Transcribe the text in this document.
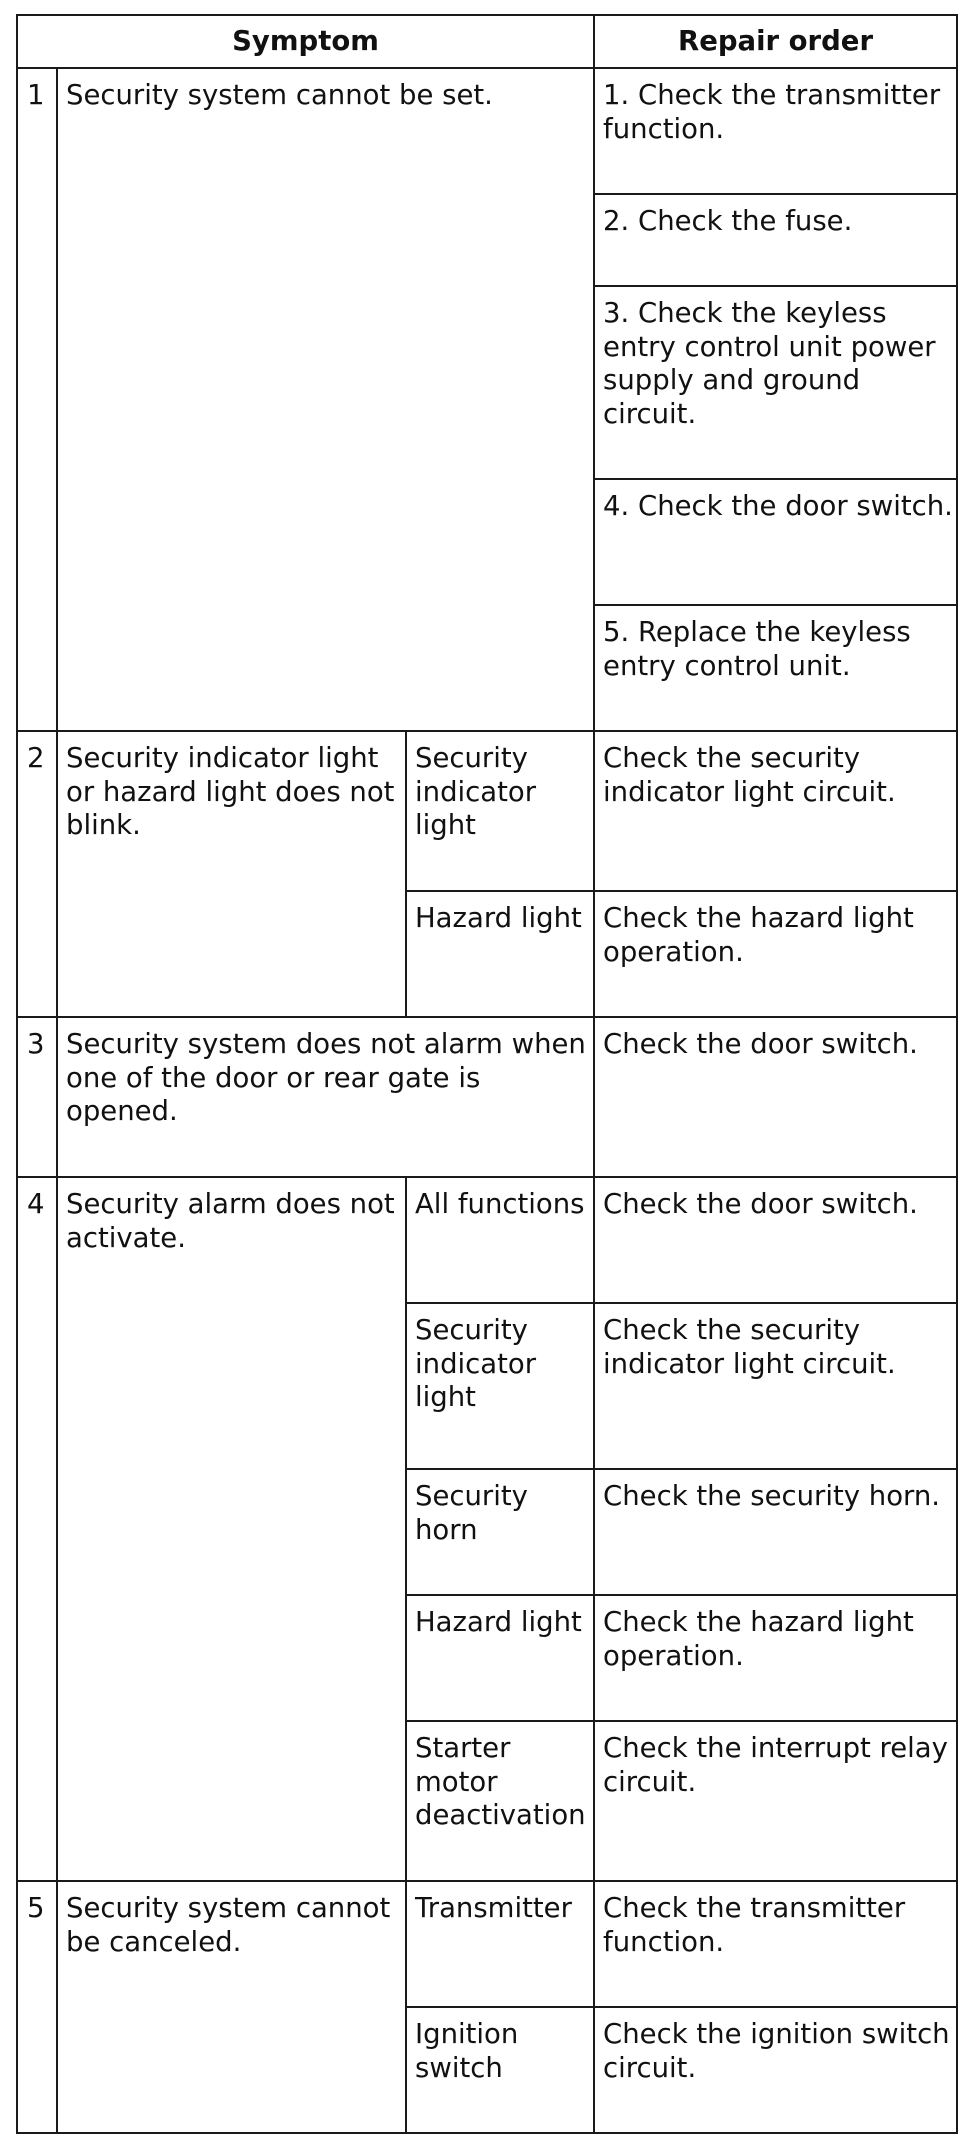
Symptom			Repair order
1	Security system cannot be set.		1. Check the transmitter function.
			2. Check the fuse.
			3. Check the keyless entry control unit power supply and ground circuit.
			4. Check the door switch.
			5. Replace the keyless entry control unit.
2	Security indicator light or hazard light does not blink.	Security indicator light	Check the security indicator light circuit.
		Hazard light	Check the hazard light operation.
3	Security system does not alarm when one of the door or rear gate is opened.		Check the door switch.
4	Security alarm does not activate.	All functions	Check the door switch.
		Security indicator light	Check the security indicator light circuit.
		Security horn	Check the security horn.
		Hazard light	Check the hazard light operation.
		Starter motor deactivation	Check the interrupt relay circuit.
5	Security system cannot be canceled.	Transmitter	Check the transmitter function.
		Ignition switch	Check the ignition switch circuit.
